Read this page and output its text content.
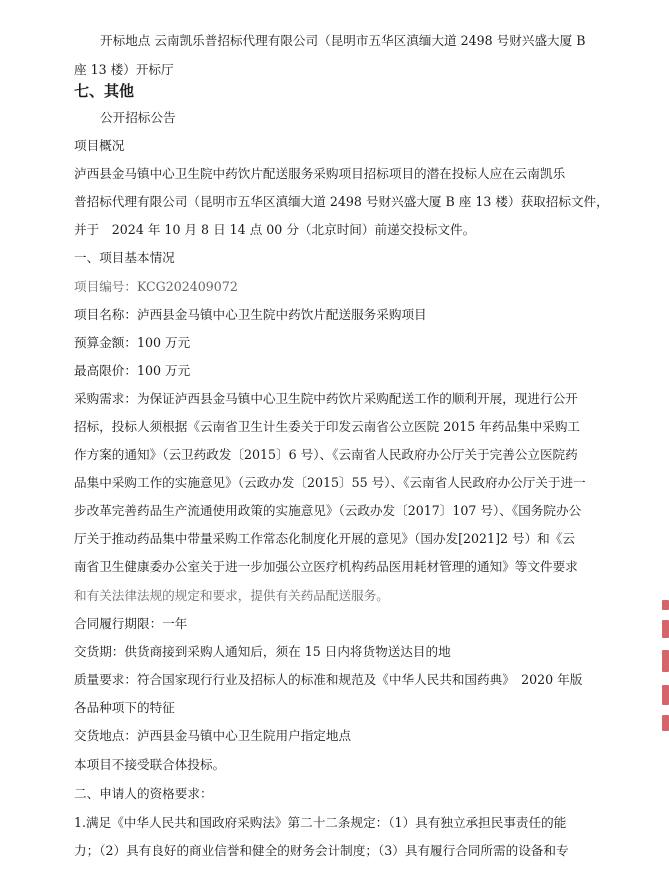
开标地点 云南凯乐普招标代理有限公司（昆明市五华区滇缅大道 2498 号财兴盛大厦 B
座 13 楼）开标厅
七、其他
公开招标公告
项目概况
泸西县金马镇中心卫生院中药饮片配送服务采购项目招标项目的潜在投标人应在云南凯乐
普招标代理有限公司（昆明市五华区滇缅大道 2498 号财兴盛大厦 B 座 13 楼）获取招标文件，
并于　2024 年 10 月 8 日 14 点 00 分（北京时间）前递交投标文件。
一、项目基本情况
项目编号：KCG202409072
项目名称：泸西县金马镇中心卫生院中药饮片配送服务采购项目
预算金额：100 万元
最高限价：100 万元
采购需求：为保证泸西县金马镇中心卫生院中药饮片采购配送工作的顺利开展，现进行公开
招标，投标人须根据《云南省卫生计生委关于印发云南省公立医院 2015 年药品集中采购工
作方案的通知》（云卫药政发〔2015〕6 号）、《云南省人民政府办公厅关于完善公立医院药
品集中采购工作的实施意见》（云政办发〔2015〕55 号）、《云南省人民政府办公厅关于进一
步改革完善药品生产流通使用政策的实施意见》（云政办发〔2017〕107 号）、《国务院办公
厅关于推动药品集中带量采购工作常态化制度化开展的意见》（国办发[2021]2 号）和《云
南省卫生健康委办公室关于进一步加强公立医疗机构药品医用耗材管理的通知》等文件要求
和有关法律法规的规定和要求，提供有关药品配送服务。
合同履行期限：一年
交货期：供货商接到采购人通知后，须在 15 日内将货物送达目的地
质量要求：符合国家现行行业及招标人的标准和规范及《中华人民共和国药典》　2020 年版
各品种项下的特征
交货地点：泸西县金马镇中心卫生院用户指定地点
本项目不接受联合体投标。
二、申请人的资格要求：
1.满足《中华人民共和国政府采购法》第二十二条规定：（1）具有独立承担民事责任的能
力；（2）具有良好的商业信誉和健全的财务会计制度；（3）具有履行合同所需的设备和专
